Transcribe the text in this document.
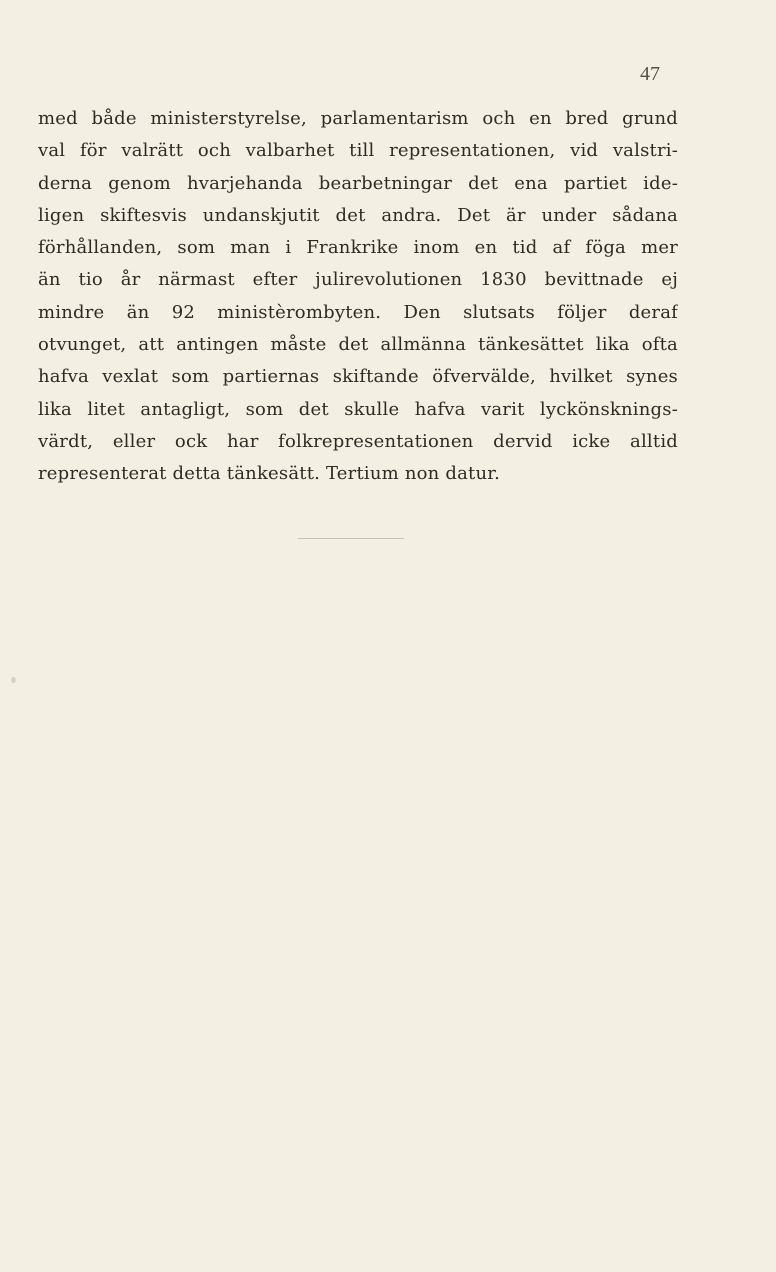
47
med både ministerstyrelse, parlamentarism och en bred grund
val för valrätt och valbarhet till representationen, vid valstri-
derna genom hvarjehanda bearbetningar det ena partiet ide-
ligen skiftesvis undanskjutit det andra. Det är under sådana
förhållanden, som man i Frankrike inom en tid af föga mer
än tio år närmast efter julirevolutionen 1830 bevittnade ej
mindre än 92 ministèrombyten. Den slutsats följer deraf
otvunget, att antingen måste det allmänna tänkesättet lika ofta
hafva vexlat som partiernas skiftande öfvervälde, hvilket synes
lika litet antagligt, som det skulle hafva varit lyckönsknings-
värdt, eller ock har folkrepresentationen dervid icke alltid
representerat detta tänkesätt. Tertium non datur.
